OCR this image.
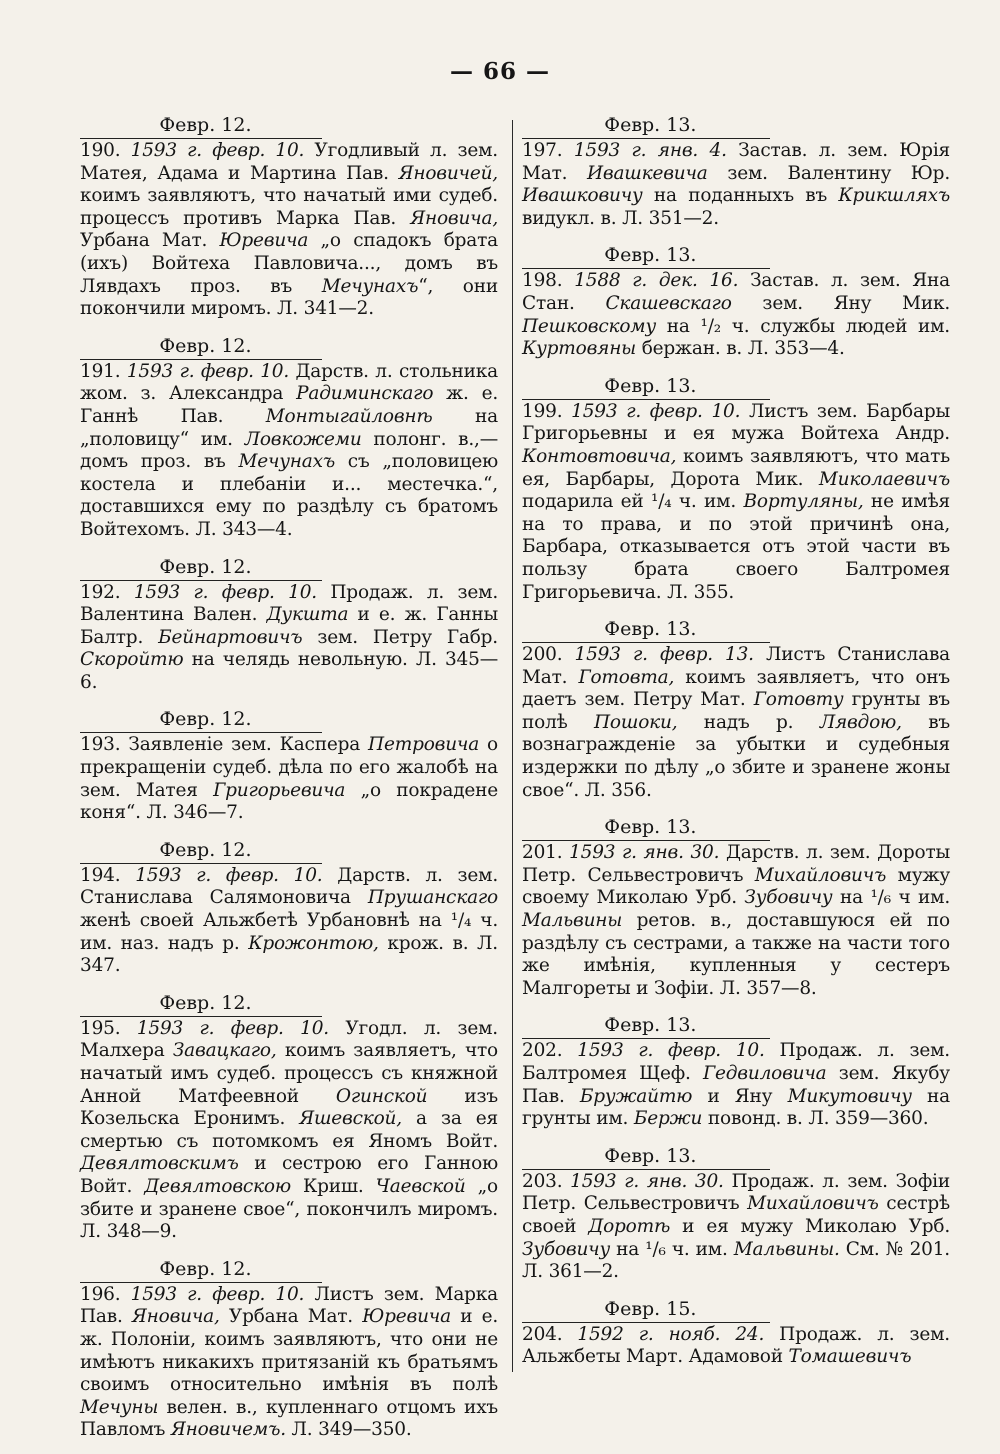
— 66 —
Февр. 12.

190. 1593 г. февр. 10. Угодливый л. зем. Матея, Адама и Мартина Пав. Яновичей, коимъ заявляютъ, что начатый ими судеб. процессъ противъ Марка Пав. Яновича, Урбана Мат. Юревича „о спадокъ брата (ихъ) Войтеха Павловича..., домъ въ Лявдахъ проз. въ Мечунахъ“, они покончили миромъ. Л. 341—2.

Февр. 12.

191. 1593 г. февр. 10. Дарств. л. стольника жом. з. Александра Радиминскаго ж. е. Ганнѣ Пав. Монтыгайловнѣ на „половицу“ им. Ловкожеми полонг. в.,—домъ проз. въ Мечунахъ съ „половицею костела и плебаніи и... местечка.“, доставшихся ему по раздѣлу съ братомъ Войтехомъ. Л. 343—4.

Февр. 12.

192. 1593 г. февр. 10. Продаж. л. зем. Валентина Вален. Дукшта и е. ж. Ганны Балтр. Бейнартовичъ зем. Петру Габр. Скоройтю на челядь невольную. Л. 345—6.

Февр. 12.

193. Заявленіе зем. Каспера Петровича о прекращеніи судеб. дѣла по его жалобѣ на зем. Матея Григорьевича „о покрадене коня“. Л. 346—7.

Февр. 12.

194. 1593 г. февр. 10. Дарств. л. зем. Станислава Салямоновича Прушанскаго женѣ своей Альжбетѣ Урбановнѣ на ¹/₄ ч. им. наз. надъ р. Крожонтою, крож. в. Л. 347.

Февр. 12.

195. 1593 г. февр. 10. Угодл. л. зем. Малхера Завацкаго, коимъ заявляетъ, что начатый имъ судеб. процессъ съ княжной Анной Матфеевной Огинской изъ Козельска Еронимъ. Яшевской, а за ея смертью съ потомкомъ ея Яномъ Войт. Девялтовскимъ и сестрою его Ганною Войт. Девялтовскою Криш. Чаевской „о збите и зранене свое“, покончилъ миромъ. Л. 348—9.

Февр. 12.

196. 1593 г. февр. 10. Листъ зем. Марка Пав. Яновича, Урбана Мат. Юревича и е. ж. Полоніи, коимъ заявляютъ, что они не имѣютъ никакихъ притязаній къ братьямъ своимъ относительно имѣнія въ полѣ Мечуны велен. в., купленнаго отцомъ ихъ Павломъ Яновичемъ. Л. 349—350.

Февр. 13.

197. 1593 г. янв. 4. Застав. л. зем. Юрія Мат. Ивашкевича зем. Валентину Юр. Ивашковичу на поданныхъ въ Крикшляхъ видукл. в. Л. 351—2.

Февр. 13.

198. 1588 г. дек. 16. Застав. л. зем. Яна Стан. Скашевскаго зем. Яну Мик. Пешковскому на ¹/₂ ч. службы людей им. Куртовяны бержан. в. Л. 353—4.

Февр. 13.

199. 1593 г. февр. 10. Листъ зем. Барбары Григорьевны и ея мужа Войтеха Андр. Контовтовича, коимъ заявляютъ, что мать ея, Барбары, Дорота Мик. Миколаевичъ подарила ей ¹/₄ ч. им. Вортуляны, не имѣя на то права, и по этой причинѣ она, Барбара, отказывается отъ этой части въ пользу брата своего Балтромея Григорьевича. Л. 355.

Февр. 13.

200. 1593 г. февр. 13. Листъ Станислава Мат. Готовта, коимъ заявляетъ, что онъ даетъ зем. Петру Мат. Готовту грунты въ полѣ Пошоки, надъ р. Лявдою, въ вознагражденіе за убытки и судебныя издержки по дѣлу „о збите и зранене жоны свое“. Л. 356.

Февр. 13.

201. 1593 г. янв. 30. Дарств. л. зем. Дороты Петр. Сельвестровичъ Михайловичъ мужу своему Миколаю Урб. Зубовичу на ¹/₆ ч им. Мальвины ретов. в., доставшуюся ей по раздѣлу съ сестрами, а также на части того же имѣнія, купленныя у сестеръ Малгореты и Зофіи. Л. 357—8.

Февр. 13.

202. 1593 г. февр. 10. Продаж. л. зем. Балтромея Щеф. Гедвиловича зем. Якубу Пав. Бружайтю и Яну Микутовичу на грунты им. Бержи повонд. в. Л. 359—360.

Февр. 13.

203. 1593 г. янв. 30. Продаж. л. зем. Зофіи Петр. Сельвестровичъ Михайловичъ сестрѣ своей Доротѣ и ея мужу Миколаю Урб. Зубовичу на ¹/₆ ч. им. Мальвины. См. № 201. Л. 361—2.

Февр. 15.

204. 1592 г. нояб. 24. Продаж. л. зем. Альжбеты Март. Адамовой Томашевичъ
